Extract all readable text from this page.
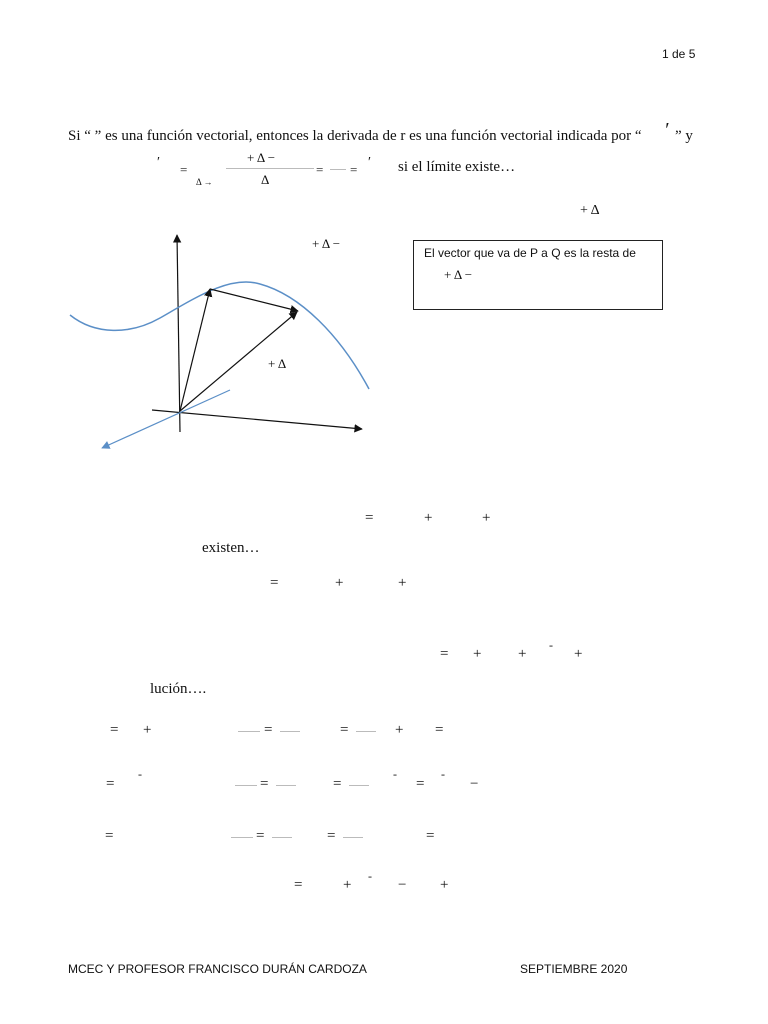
1 de 5
Si “ ” es una función vectorial, entonces la derivada de r es una función vectorial indicada por “ ′ ” y
′ =
Δ →
+ Δ −
Δ
= = ′ si el límite existe…
+ Δ
+ Δ −
+ Δ
El vector que va de P a Q es la resta de
+ Δ −
=	+	+
existen…
=	+	+
= + +
-
+
lución….
= +	=	=	+ =
=
-
=	=
-
=
-
−
=	=	=	=
=	+
-
− +
MCEC Y PROFESOR FRANCISCO DURÁN CARDOZA	SEPTIEMBRE 2020
